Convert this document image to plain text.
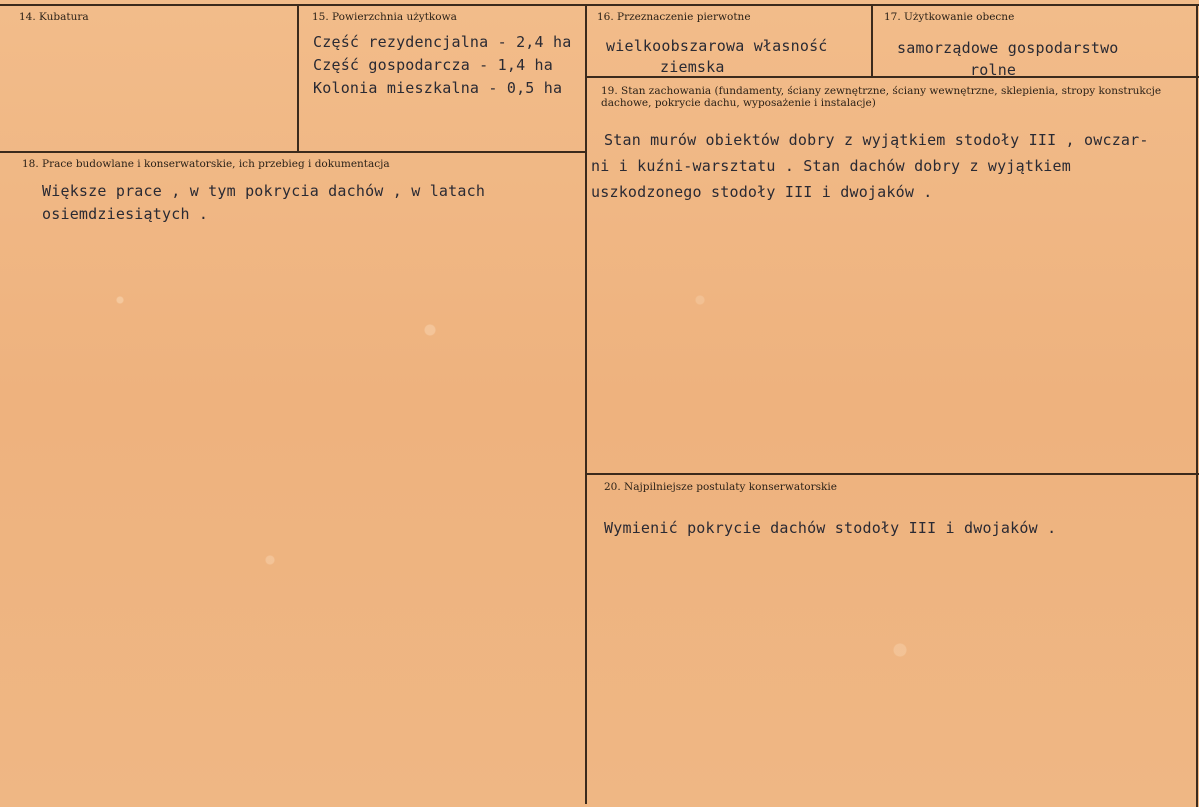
14. Kubatura	15. Powierzchnia użytkowa
Część rezydencjalna - 2,4 ha
Część gospodarcza - 1,4 ha
Kolonia mieszkalna - 0,5 ha
16. Przeznaczenie pierwotne
wielkoobszarowa własność
ziemska
17. Użytkowanie obecne
samorządowe gospodarstwo
rolne
18. Prace budowlane i konserwatorskie, ich przebieg i dokumentacja
Większe prace , w tym pokrycia dachów , w latach
osiemdziesiątych .
19. Stan zachowania (fundamenty, ściany zewnętrzne, ściany wewnętrzne, sklepienia, stropy konstrukcje dachowe, pokrycie dachu, wyposażenie i instalacje)
Stan murów obiektów dobry z wyjątkiem stodoły III , owczar-
ni i kuźni-warsztatu . Stan dachów dobry z wyjątkiem
uszkodzonego stodoły III i dwojaków .
20. Najpilniejsze postulaty konserwatorskie
Wymienić pokrycie dachów stodoły III i dwojaków .
